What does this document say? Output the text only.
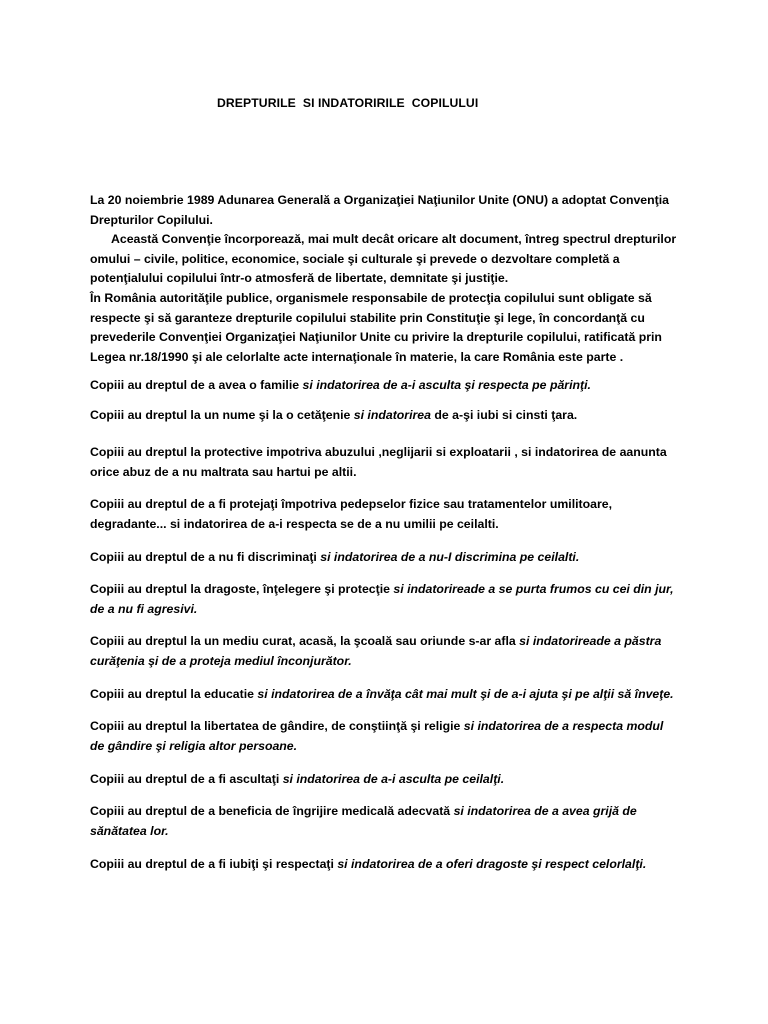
DREPTURILE  SI INDATORIRILE  COPILULUI

La 20 noiembrie 1989 Adunarea Generală a Organizaţiei Naţiunilor Unite (ONU) a adoptat Convenţia
Drepturilor Copilului.
Această Convenţie încorporează, mai mult decât oricare alt document, întreg spectrul drepturilor
omului – civile, politice, economice, sociale şi culturale şi prevede o dezvoltare completă a
potenţialului copilului într-o atmosferă de libertate, demnitate şi justiţie.
În România autorităţile publice, organismele responsabile de protecţia copilului sunt obligate să
respecte şi să garanteze drepturile copilului stabilite prin Constituţie şi lege, în concordanţă cu
prevederile Convenţiei Organizaţiei Naţiunilor Unite cu privire la drepturile copilului, ratificată prin
Legea nr.18/1990 şi ale celorlalte acte internaţionale în materie, la care România este parte .

Copiii au dreptul de a avea o familie si indatorirea de a-i asculta şi respecta pe părinţi.

Copiii au dreptul la un nume şi la o cetăţenie si indatorirea de a-şi iubi si cinsti ţara.

Copiii au dreptul la protective impotriva abuzului ,neglijarii si exploatarii , si indatorirea de aanunta
orice abuz de a nu maltrata sau hartui pe altii.

Copiii au dreptul de a fi protejaţi împotriva pedepselor fizice sau tratamentelor umilitoare,
degradante... si indatorirea de a-i respecta se de a nu umilii pe ceilalti.

Copiii au dreptul de a nu fi discriminaţi si indatorirea de a nu-I discrimina pe ceilalti.

Copiii au dreptul la dragoste, înţelegere şi protecţie si indatorireade a se purta frumos cu cei din jur,
de a nu fi agresivi.

Copiii au dreptul la un mediu curat, acasă, la şcoală sau oriunde s-ar afla si indatorireade a păstra
curăţenia şi de a proteja mediul înconjurător.

Copiii au dreptul la educatie si indatorirea de a învăţa cât mai mult şi de a-i ajuta şi pe alţii să înveţe.

Copiii au dreptul la libertatea de gândire, de conştiinţă şi religie si indatorirea de a respecta modul
de gândire şi religia altor persoane.

Copiii au dreptul de a fi ascultaţi si indatorirea de a-i asculta pe ceilalţi.

Copiii au dreptul de a beneficia de îngrijire medicală adecvată si indatorirea de a avea grijă de
sănătatea lor.

Copiii au dreptul de a fi iubiţi şi respectaţi si indatorirea de a oferi dragoste şi respect celorlalţi.
